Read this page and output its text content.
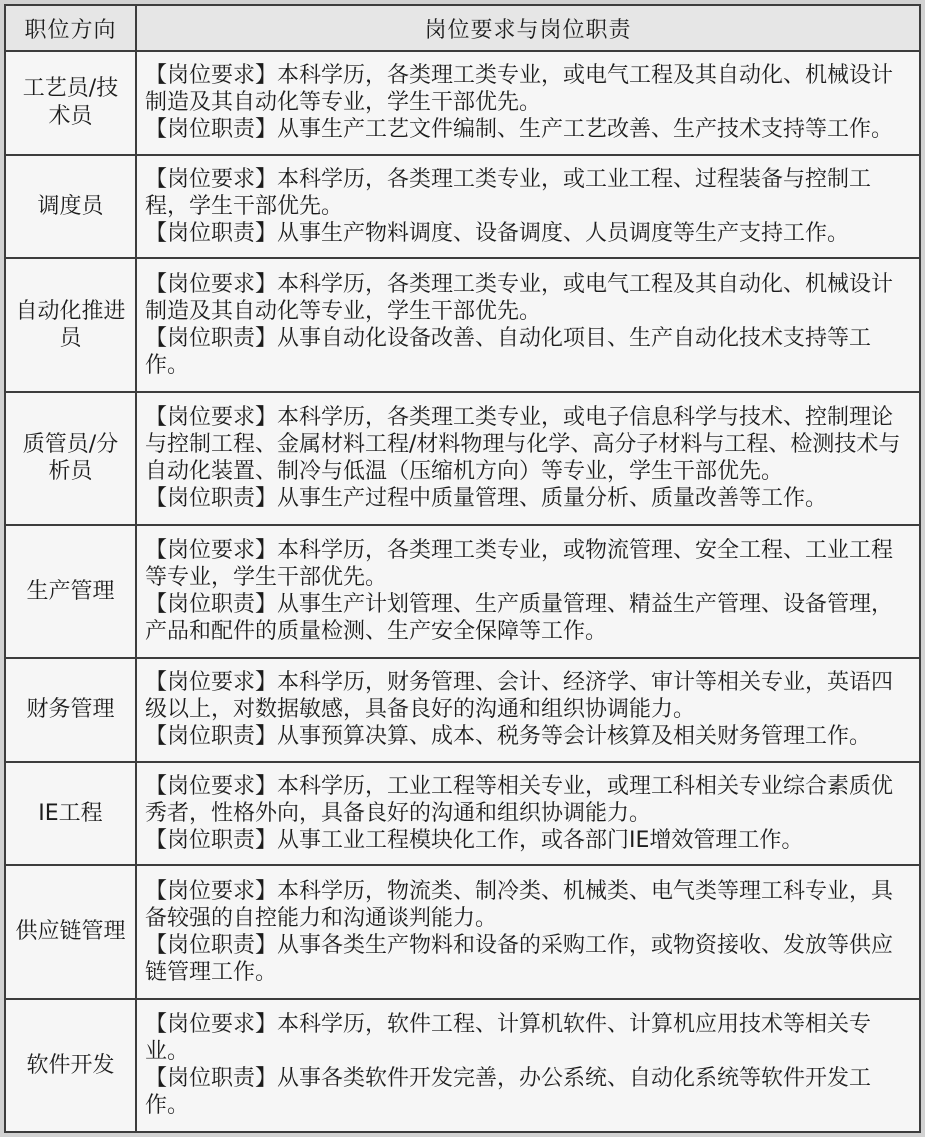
职位方向	岗位要求与岗位职责
工艺员/技术员	【岗位要求】本科学历，各类理工类专业，或电气工程及其自动化、机械设计制造及其自动化等专业，学生干部优先。

【岗位职责】从事生产工艺文件编制、生产工艺改善、生产技术支持等工作。

调度员	【岗位要求】本科学历，各类理工类专业，或工业工程、过程装备与控制工程，学生干部优先。

【岗位职责】从事生产物料调度、设备调度、人员调度等生产支持工作。

自动化推进员	【岗位要求】本科学历，各类理工类专业，或电气工程及其自动化、机械设计制造及其自动化等专业，学生干部优先。

【岗位职责】从事自动化设备改善、自动化项目、生产自动化技术支持等工作。

质管员/分析员	【岗位要求】本科学历，各类理工类专业，或电子信息科学与技术、控制理论与控制工程、金属材料工程/材料物理与化学、高分子材料与工程、检测技术与自动化装置、制冷与低温（压缩机方向）等专业，学生干部优先。

【岗位职责】从事生产过程中质量管理、质量分析、质量改善等工作。

生产管理	【岗位要求】本科学历，各类理工类专业，或物流管理、安全工程、工业工程等专业，学生干部优先。

【岗位职责】从事生产计划管理、生产质量管理、精益生产管理、设备管理，产品和配件的质量检测、生产安全保障等工作。

财务管理	【岗位要求】本科学历，财务管理、会计、经济学、审计等相关专业，英语四级以上，对数据敏感，具备良好的沟通和组织协调能力。

【岗位职责】从事预算决算、成本、税务等会计核算及相关财务管理工作。

IE工程	【岗位要求】本科学历，工业工程等相关专业，或理工科相关专业综合素质优秀者，性格外向，具备良好的沟通和组织协调能力。

【岗位职责】从事工业工程模块化工作，或各部门IE增效管理工作。

供应链管理	【岗位要求】本科学历，物流类、制冷类、机械类、电气类等理工科专业，具备较强的自控能力和沟通谈判能力。

【岗位职责】从事各类生产物料和设备的采购工作，或物资接收、发放等供应链管理工作。

软件开发	【岗位要求】本科学历，软件工程、计算机软件、计算机应用技术等相关专业。

【岗位职责】从事各类软件开发完善，办公系统、自动化系统等软件开发工作。
